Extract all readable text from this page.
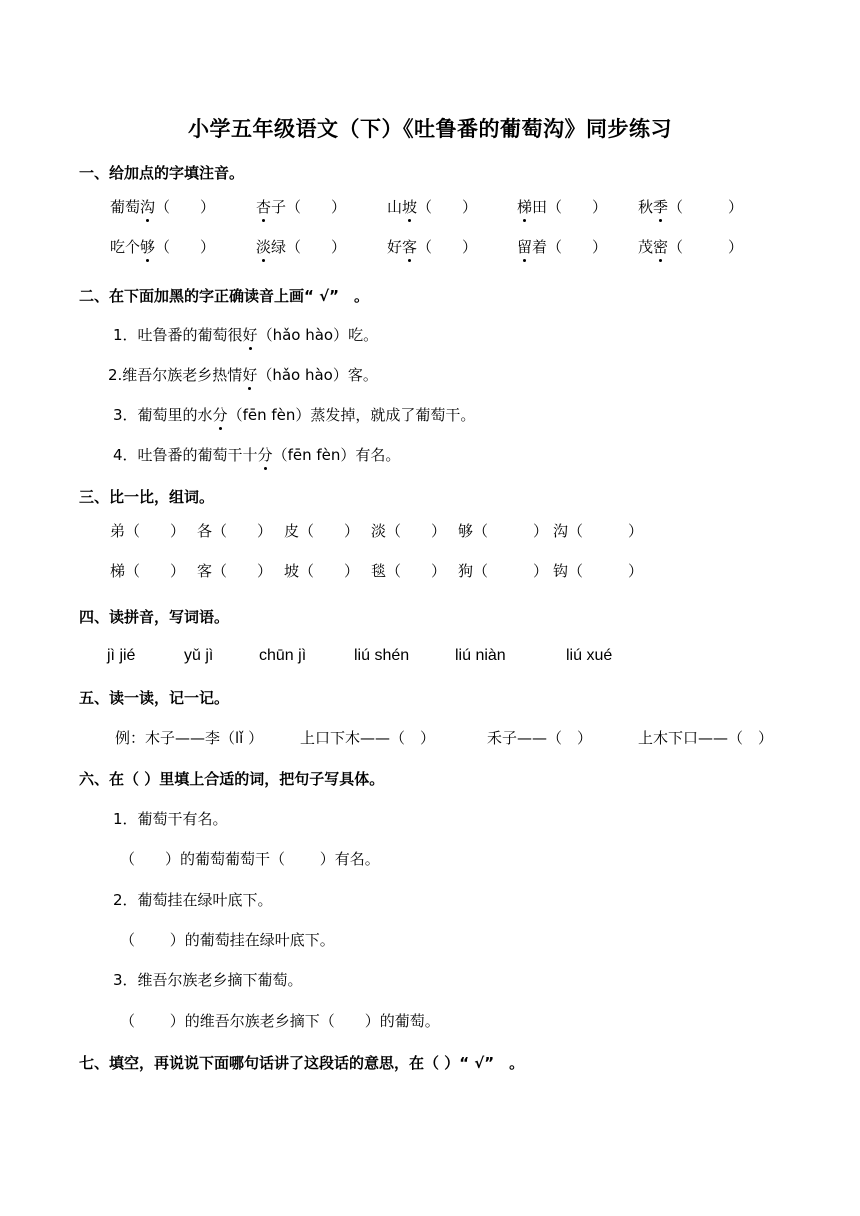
小学五年级语文（下）《吐鲁番的葡萄沟》同步练习
一、给加点的字填注音。
葡萄沟（　　）	杏子（　　）	山坡（　　）	梯田（　　） 秋季（　　　）
吃个够（　　）	淡绿（　　）	好客（　　）	留着（　　） 茂密（　　　）
二、在下面加黑的字正确读音上画“ √”　。
1．吐鲁番的葡萄很好（hǎo hào）吃。
2.维吾尔族老乡热情好（hǎo hào）客。
3．葡萄里的水分（fēn fèn）蒸发掉，就成了葡萄干。
4．吐鲁番的葡萄干十分（fēn fèn）有名。
三、比一比，组词。
弟（　　） 各（　　） 皮（　　） 淡（　　） 够（　　　） 沟（　　　）
梯（　　） 客（　　） 坡（　　） 毯（　　） 狗（　　　） 钩（　　　）
四、读拼音，写词语。
jì jié	yǔ jì	chūn jì	liú shén	liú niàn	liú xué
五、读一读，记一记。
例：木子——李（lǐ ） 上口下木——（　）	禾子——（　）	上木下口——（　）
六、在（ ）里填上合适的词，把句子写具体。
1．葡萄干有名。
（　　）的葡萄葡萄干（　　 ）有名。
2．葡萄挂在绿叶底下。
（　　 ）的葡萄挂在绿叶底下。
3．维吾尔族老乡摘下葡萄。
（　　 ）的维吾尔族老乡摘下（　　）的葡萄。
七、填空，再说说下面哪句话讲了这段话的意思，在（ ）“ √”　。
